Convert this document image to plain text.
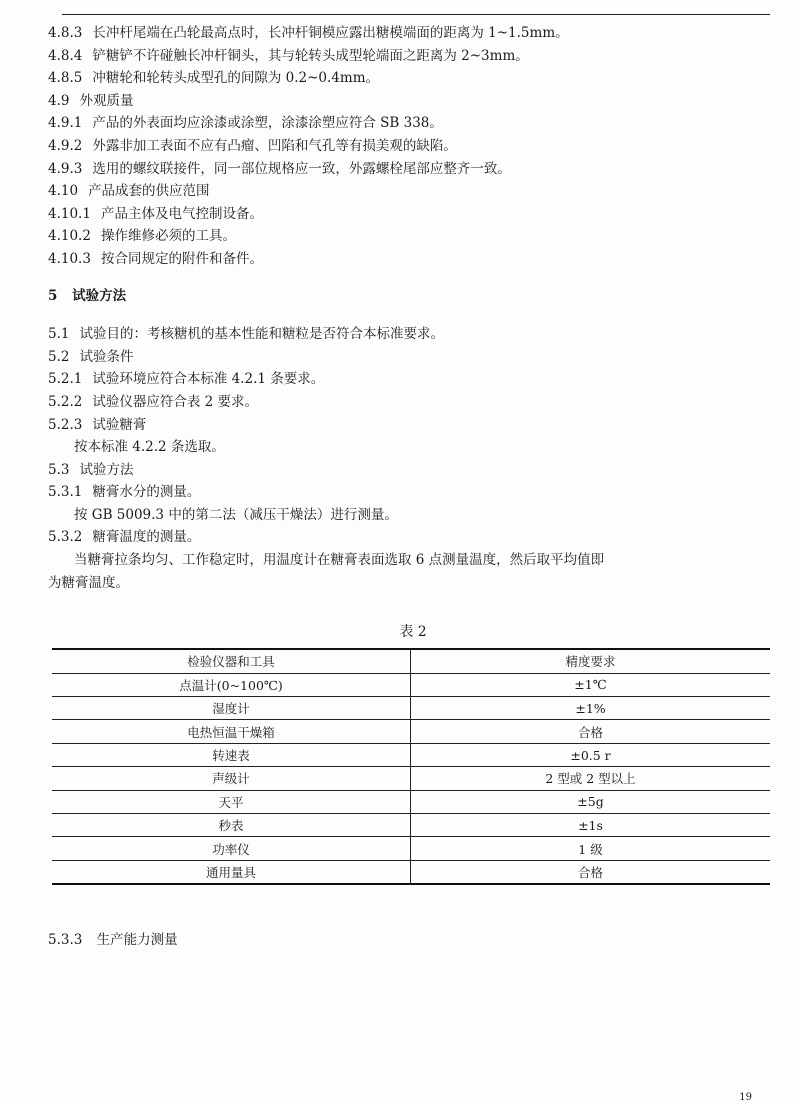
4.8.3 长冲杆尾端在凸轮最高点时，长冲杆铜模应露出糖模端面的距离为 1~1.5mm。
4.8.4 铲糖铲不许碰触长冲杆铜头，其与轮转头成型轮端面之距离为 2~3mm。
4.8.5 冲糖轮和轮转头成型孔的间隙为 0.2~0.4mm。
4.9 外观质量
4.9.1 产品的外表面均应涂漆或涂塑，涂漆涂塑应符合 SB 338。
4.9.2 外露非加工表面不应有凸瘤、凹陷和气孔等有损美观的缺陷。
4.9.3 选用的螺纹联接件，同一部位规格应一致，外露螺栓尾部应整齐一致。
4.10 产品成套的供应范围
4.10.1 产品主体及电气控制设备。
4.10.2 操作维修必须的工具。
4.10.3 按合同规定的附件和备件。
5 试验方法
5.1 试验目的：考核糖机的基本性能和糖粒是否符合本标准要求。
5.2 试验条件
5.2.1 试验环境应符合本标准 4.2.1 条要求。
5.2.2 试验仪器应符合表 2 要求。
5.2.3 试验糖膏
按本标准 4.2.2 条选取。
5.3 试验方法
5.3.1 糖膏水分的测量。
按 GB 5009.3 中的第二法（减压干燥法）进行测量。
5.3.2 糖膏温度的测量。
当糖膏拉条均匀、工作稳定时，用温度计在糖膏表面选取 6 点测量温度，然后取平均值即
为糖膏温度。
表 2
检验仪器和工具	精度要求
点温计(0~100℃)	±1℃
湿度计	±1%
电热恒温干燥箱	合格
转速表	±0.5 r
声级计	2 型或 2 型以上
天平	±5g
秒表	±1s
功率仪	1 级
通用量具	合格
5.3.3 生产能力测量
19
